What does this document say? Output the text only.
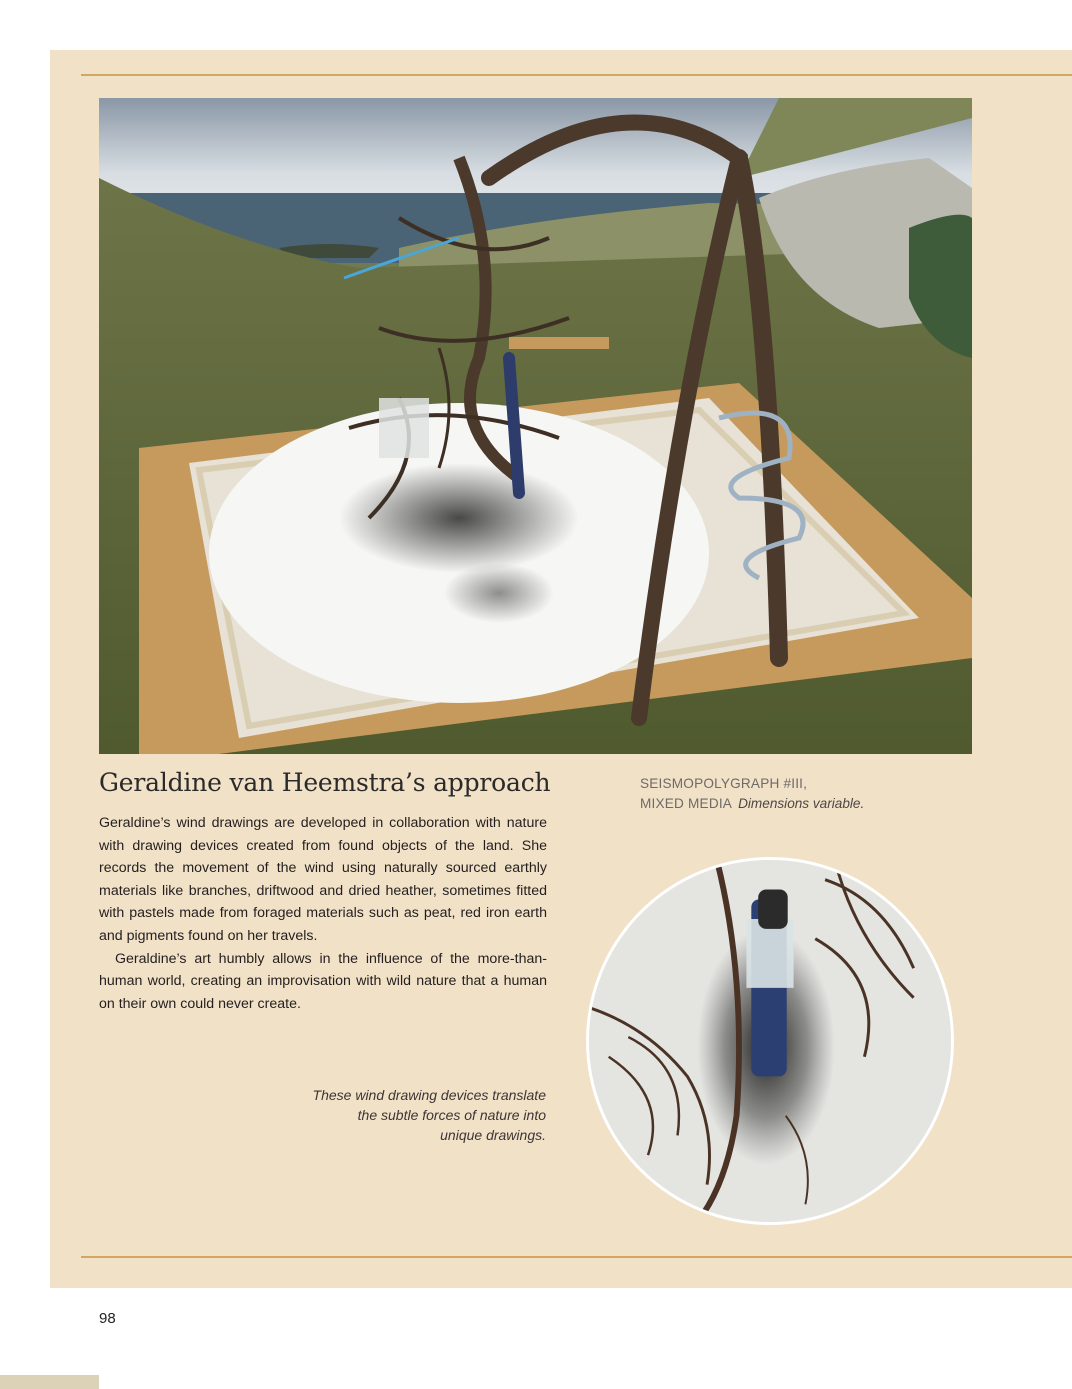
Geraldine van Heemstra’s approach

Geraldine’s wind drawings are developed in collaboration with nature with drawing devices created from found objects of the land. She records the movement of the wind using naturally sourced earthly materials like branches, driftwood and dried heather, sometimes fitted with pastels made from foraged materials such as peat, red iron earth and pigments found on her travels.

Geraldine’s art humbly allows in the influence of the more-than-human world, creating an improvisation with wild nature that a human on their own could never create.

These wind drawing devices translate
the subtle forces of nature into
unique drawings.
SEISMOPOLYGRAPH #III,
MIXED MEDIA Dimensions variable.
98
